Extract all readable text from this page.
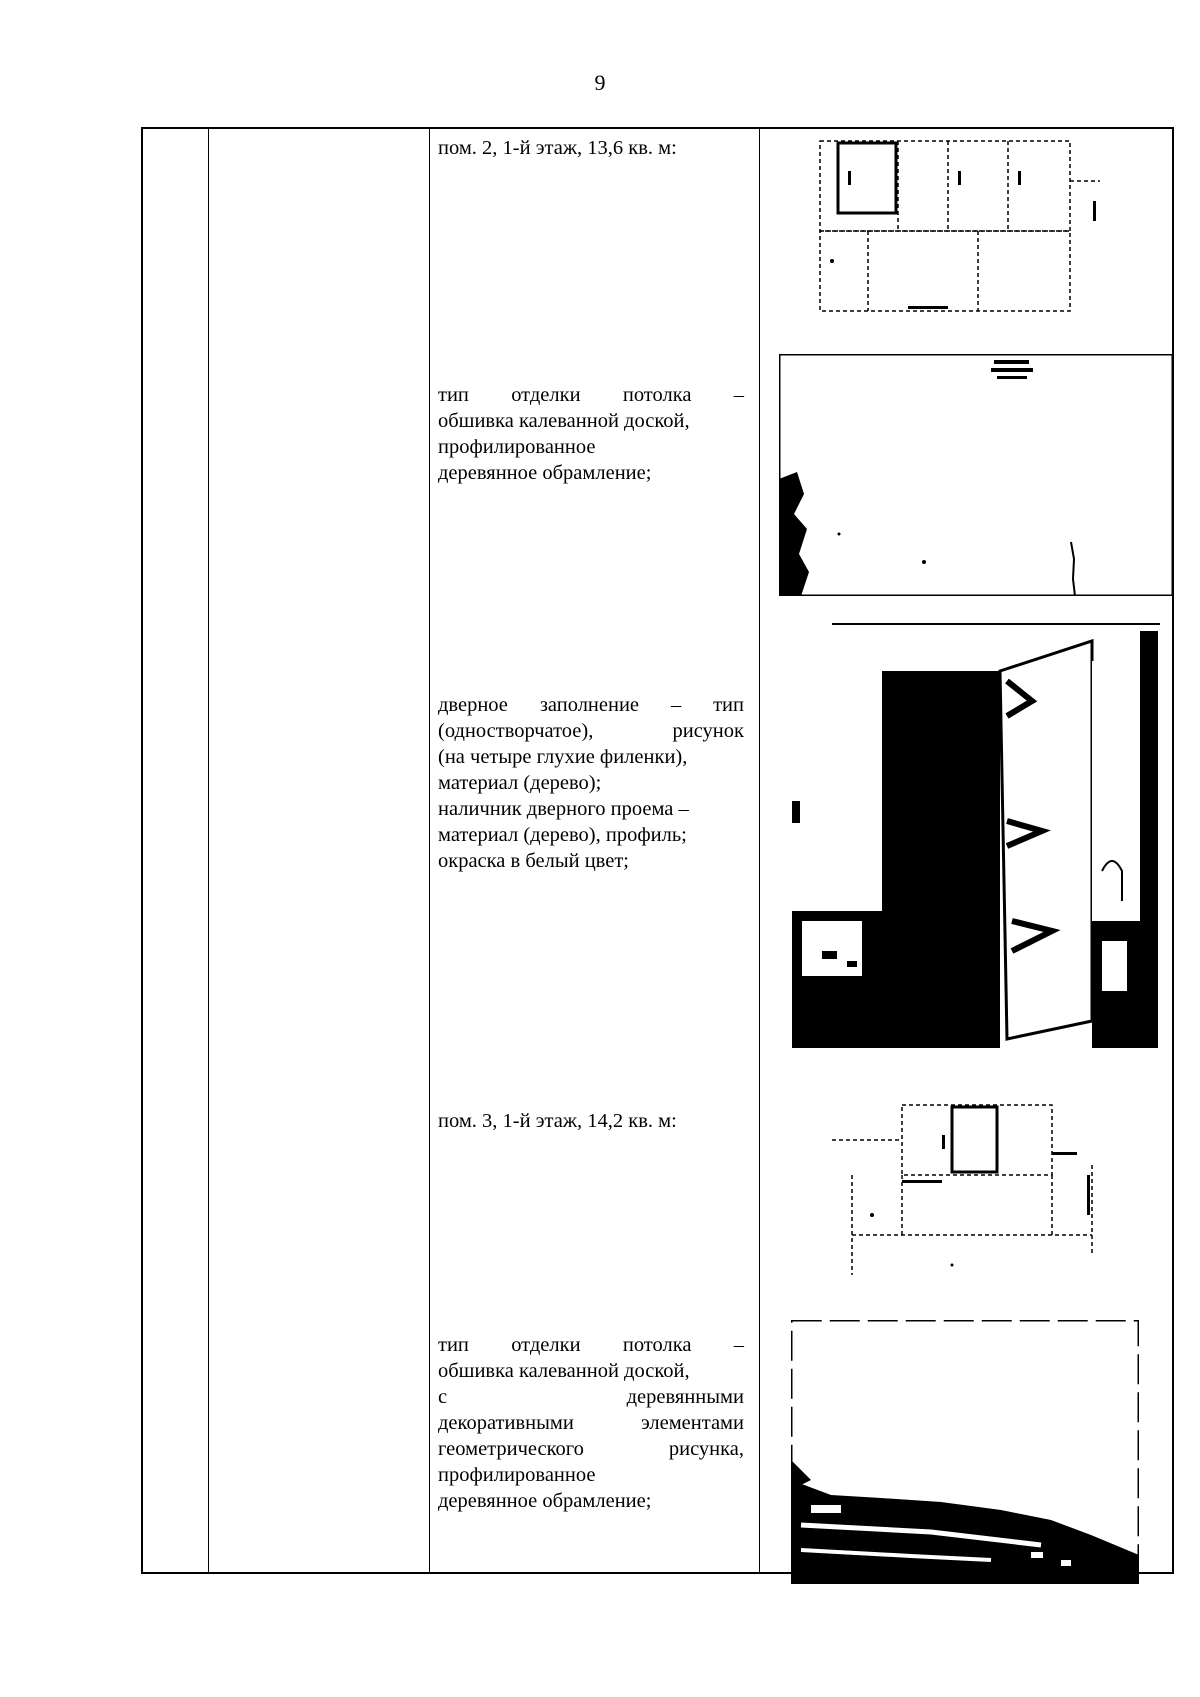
9

пом. 2, 1-й этаж, 13,6 кв. м:

тип отделки потолка –

обшивка калеванной доской,

профилированное

деревянное обрамление;

дверное заполнение – тип

(одностворчатое), рисунок

(на четыре глухие филенки),

материал (дерево);

наличник дверного проема –

материал (дерево), профиль;

окраска в белый цвет;

пом. 3, 1-й этаж, 14,2 кв. м:

тип отделки потолка –

обшивка калеванной доской,

с деревянными

декоративными элементами

геометрического рисунка,

профилированное

деревянное обрамление;
